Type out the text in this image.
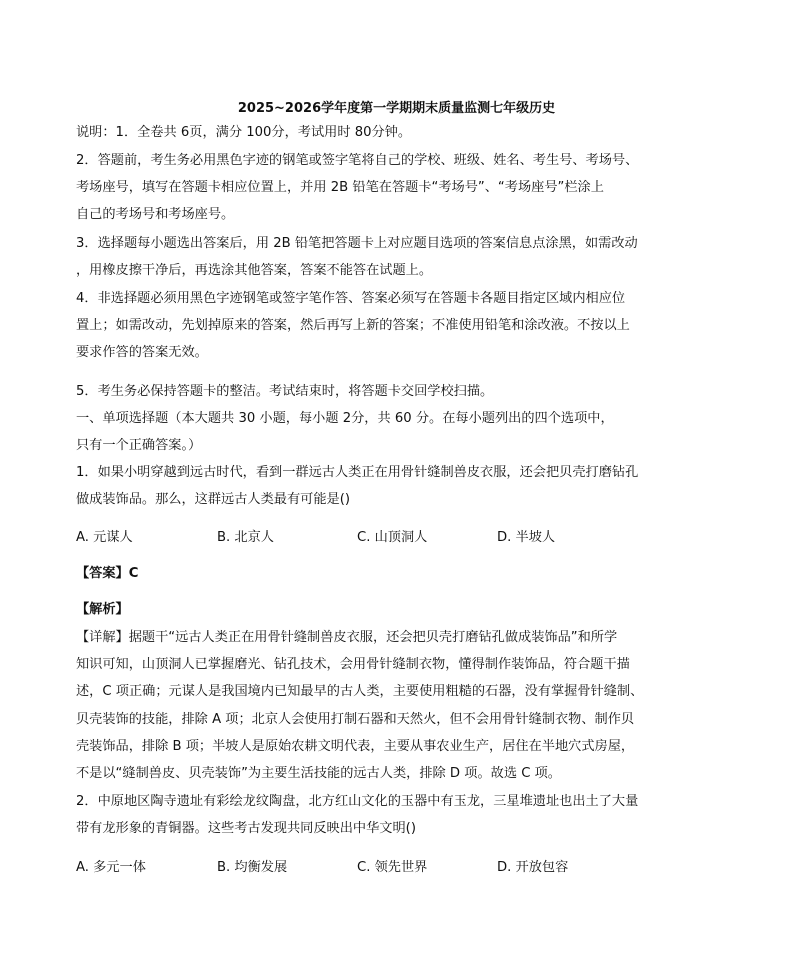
2025~2026学年度第一学期期末质量监测七年级历史
说明：1．全卷共 6页，满分 100分，考试用时 80分钟。
2．答题前，考生务必用黑色字迹的钢笔或签字笔将自己的学校、班级、姓名、考生号、考场号、
考场座号，填写在答题卡相应位置上，并用 2B 铅笔在答题卡“考场号”、“考场座号”栏涂上
自己的考场号和考场座号。
3．选择题每小题选出答案后，用 2B 铅笔把答题卡上对应题目选项的答案信息点涂黑，如需改动
，用橡皮擦干净后，再选涂其他答案，答案不能答在试题上。
4．非选择题必须用黑色字迹钢笔或签字笔作答、答案必须写在答题卡各题目指定区域内相应位
置上；如需改动，先划掉原来的答案，然后再写上新的答案；不准使用铅笔和涂改液。不按以上
要求作答的答案无效。
5．考生务必保持答题卡的整洁。考试结束时，将答题卡交回学校扫描。
一、单项选择题（本大题共 30 小题，每小题 2分，共 60 分。在每小题列出的四个选项中，
只有一个正确答案。）
1．如果小明穿越到远古时代，看到一群远古人类正在用骨针缝制兽皮衣服，还会把贝壳打磨钻孔
做成装饰品。那么，这群远古人类最有可能是()
A. 元谋人	B. 北京人	C. 山顶洞人	D. 半坡人
【答案】C
【解析】
【详解】据题干“远古人类正在用骨针缝制兽皮衣服，还会把贝壳打磨钻孔做成装饰品”和所学
知识可知，山顶洞人已掌握磨光、钻孔技术，会用骨针缝制衣物，懂得制作装饰品，符合题干描
述，C 项正确；元谋人是我国境内已知最早的古人类，主要使用粗糙的石器，没有掌握骨针缝制、
贝壳装饰的技能，排除 A 项；北京人会使用打制石器和天然火，但不会用骨针缝制衣物、制作贝
壳装饰品，排除 B 项；半坡人是原始农耕文明代表，主要从事农业生产，居住在半地穴式房屋，
不是以“缝制兽皮、贝壳装饰”为主要生活技能的远古人类，排除 D 项。故选 C 项。
2．中原地区陶寺遗址有彩绘龙纹陶盘，北方红山文化的玉器中有玉龙，三星堆遗址也出土了大量
带有龙形象的青铜器。这些考古发现共同反映出中华文明()
A. 多元一体	B. 均衡发展	C. 领先世界	D. 开放包容
